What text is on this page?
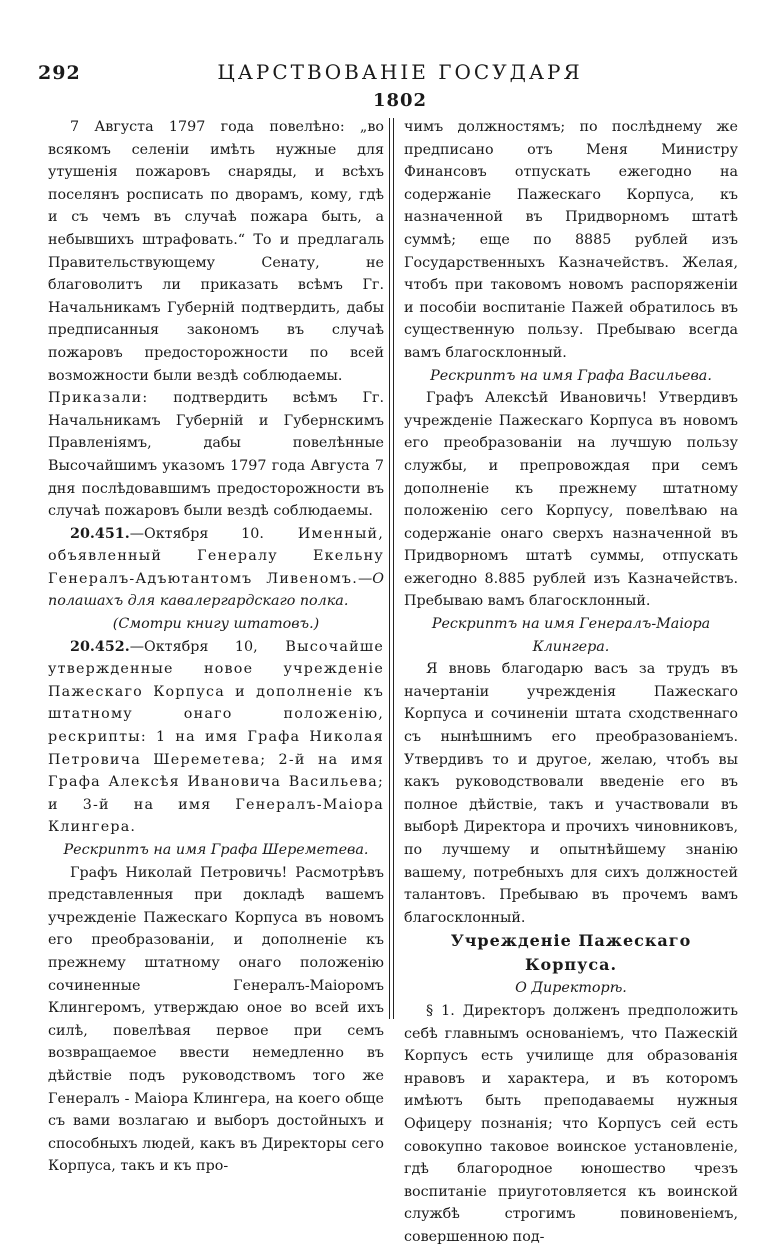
292	ЦАРСТВОВАНІЕ ГОСУДАРЯ
1802

7 Августа 1797 года повелѣно: „во всякомъ селеніи имѣть нужные для утушенія пожаровъ снаряды, и всѣхъ поселянъ росписать по дворамъ, кому, гдѣ и съ чемъ въ случаѣ пожара быть, а небывшихъ штрафовать.“ То и предлагаль Правительствующему Сенату, не благоволитъ ли приказать всѣмъ Гг. Начальникамъ Губерній подтвердить, дабы предписанныя закономъ въ случаѣ пожаровъ предосторожности по всей возможности были вездѣ соблюдаемы.

Приказали: подтвердить всѣмъ Гг. Начальникамъ Губерній и Губернскимъ Правленіямъ, дабы повелѣнные Высочайшимъ указомъ 1797 года Августа 7 дня послѣдовавшимъ предосторожности въ случаѣ пожаровъ были вездѣ соблюдаемы.

20.451.—Октября 10. Именный, объявленный Генералу Екельну Генералъ-Адъютантомъ Ливеномъ.—О полашахъ для кавалергардскаго полка.

(Смотри книгу штатовъ.)

20.452.—Октября 10, Высочайше утвержденные новое учрежденіе Пажескаго Корпуса и дополненіе къ штатному онаго положенію, рескрипты: 1 на имя Графа Николая Петровича Шереметева; 2-й на имя Графа Алексѣя Ивановича Васильева; и 3-й на имя Генералъ-Маіора Клингера.

Рескриптъ на имя Графа Шереметева.

Графъ Николай Петровичь! Расмотрѣвъ представленныя при докладѣ вашемъ учрежденіе Пажескаго Корпуса въ новомъ его преобразованіи, и дополненіе къ прежнему штатному онаго положенію сочиненные Генералъ-Маіоромъ Клингеромъ, утверждаю оное во всей ихъ силѣ, повелѣвая первое при семъ возвращаемое ввести немедленно въ дѣйствіе подъ руководствомъ того же Генералъ - Маіора Клингера, на коего обще съ вами возлагаю и выборъ достойныхъ и способныхъ людей, какъ въ Директоры сего Корпуса, такъ и къ про-

чимъ должностямъ; по послѣднему же предписано отъ Меня Министру Финансовъ отпускать ежегодно на содержаніе Пажескаго Корпуса, къ назначенной въ Придворномъ штатѣ суммѣ; еще по 8885 рублей изъ Государственныхъ Казначействъ. Желая, чтобъ при таковомъ новомъ распоряженіи и пособіи воспитаніе Пажей обратилось въ существенную пользу. Пребываю всегда вамъ благосклонный.

Рескриптъ на имя Графа Васильева.

Графъ Алексѣй Ивановичь! Утвердивъ учрежденіе Пажескаго Корпуса въ новомъ его преобразованіи на лучшую пользу службы, и препровождая при семъ дополненіе къ прежнему штатному положенію сего Корпусу, повелѣваю на содержаніе онаго сверхъ назначенной въ Придворномъ штатѣ суммы, отпускать ежегодно 8.885 рублей изъ Казначействъ. Пребываю вамъ благосклонный.

Рескриптъ на имя Генералъ-Маіора Клингера.

Я вновь благодарю васъ за трудъ въ начертаніи учрежденія Пажескаго Корпуса и сочиненіи штата сходственнаго съ нынѣшнимъ его преобразованіемъ. Утвердивъ то и другое, желаю, чтобъ вы какъ руководствовали введеніе его въ полное дѣйствіе, такъ и участвовали въ выборѣ Директора и прочихъ чиновниковъ, по лучшему и опытнѣйшему знанію вашему, потребныхъ для сихъ должностей талантовъ. Пребываю въ прочемъ вамъ благосклонный.

Учрежденіе Пажескаго Корпуса.

О Директорѣ.

§ 1. Директоръ долженъ предположить себѣ главнымъ основаніемъ, что Пажескій Корпусъ есть училище для образованія нравовъ и характера, и въ которомъ имѣютъ быть преподаваемы нужныя Офицеру познанія; что Корпусъ сей есть совокупно таковое воинское установленіе, гдѣ благородное юношество чрезъ воспитаніе приуготовляется къ воинской службѣ строгимъ повиновеніемъ, совершенною под-
